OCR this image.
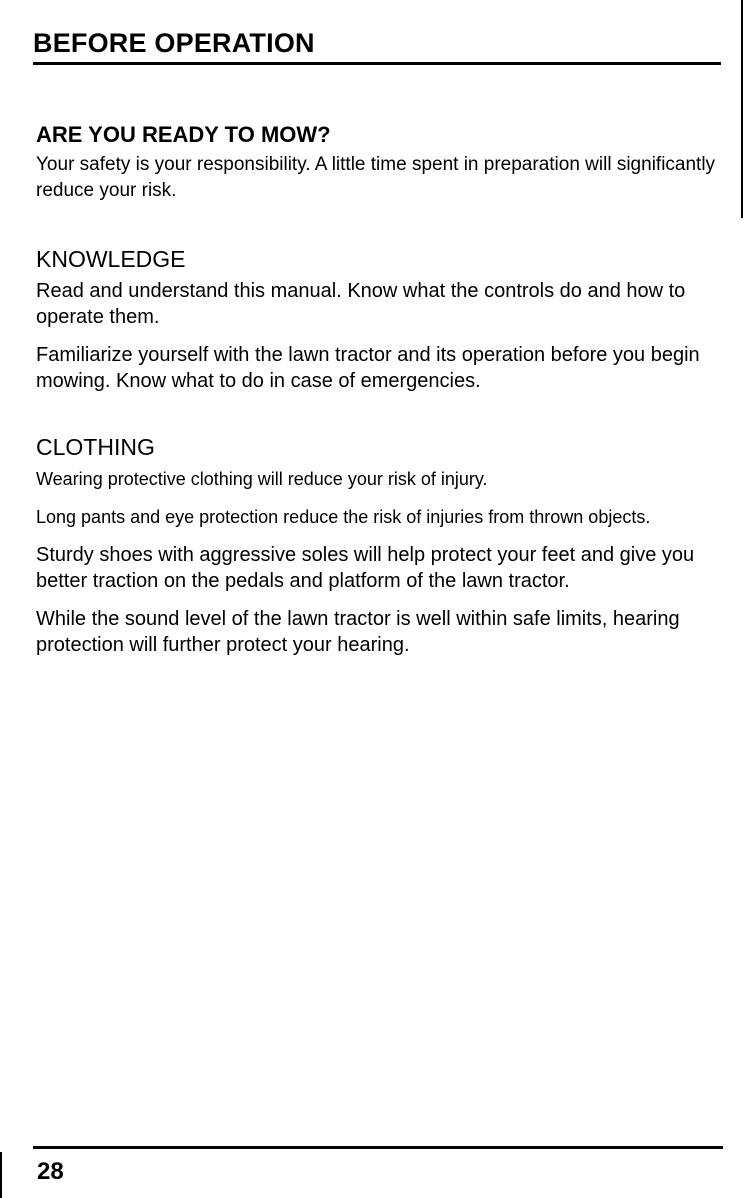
BEFORE OPERATION
ARE YOU READY TO MOW?

Your safety is your responsibility. A little time spent in preparation will significantly reduce your risk.

KNOWLEDGE

Read and understand this manual. Know what the controls do and how to operate them.

Familiarize yourself with the lawn tractor and its operation before you begin mowing. Know what to do in case of emergencies.

CLOTHING

Wearing protective clothing will reduce your risk of injury.

Long pants and eye protection reduce the risk of injuries from thrown objects.

Sturdy shoes with aggressive soles will help protect your feet and give you better traction on the pedals and platform of the lawn tractor.

While the sound level of the lawn tractor is well within safe limits, hearing protection will further protect your hearing.

28
